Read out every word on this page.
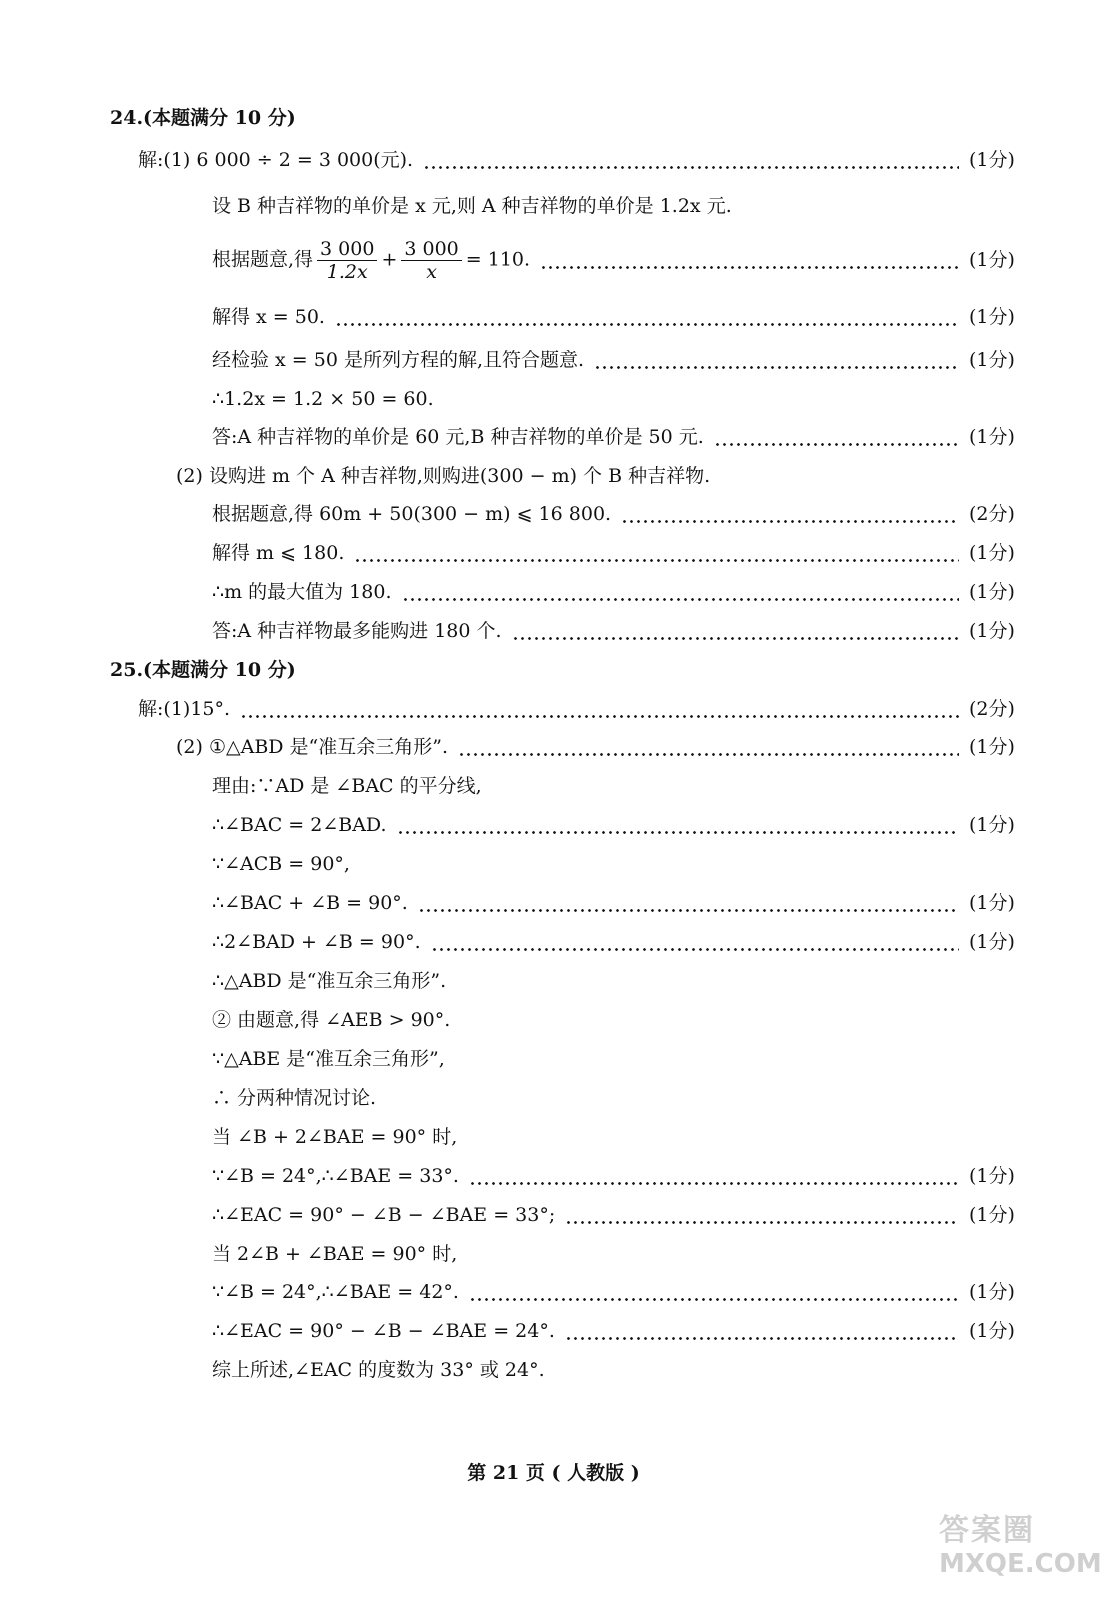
24.(本题满分 10 分)
解:(1) 6 000 ÷ 2 = 3 000(元).	(1分)
设 B 种吉祥物的单价是 x 元,则 A 种吉祥物的单价是 1.2x 元.
根据题意,得 $\frac{3 000}{1.2x} + \frac{3 000}{x} = 110$.	(1分)
解得 x = 50.	(1分)
经检验 x = 50 是所列方程的解,且符合题意.	(1分)
∴1.2x = 1.2 × 50 = 60.
答:A 种吉祥物的单价是 60 元,B 种吉祥物的单价是 50 元.	(1分)
(2) 设购进 m 个 A 种吉祥物,则购进(300 − m) 个 B 种吉祥物.
根据题意,得 60m + 50(300 − m) ⩽ 16 800.	(2分)
解得 m ⩽ 180.	(1分)
∴m 的最大值为 180.	(1分)
答:A 种吉祥物最多能购进 180 个.	(1分)
25.(本题满分 10 分)
解:(1)15°.	(2分)
(2) ①△ABD 是“准互余三角形”.	(1分)
理由:∵AD 是 ∠BAC 的平分线,
∴∠BAC = 2∠BAD.	(1分)
∵∠ACB = 90°,
∴∠BAC + ∠B = 90°.	(1分)
∴2∠BAD + ∠B = 90°.	(1分)
∴△ABD 是“准互余三角形”.
② 由题意,得 ∠AEB > 90°.
∵△ABE 是“准互余三角形”,
∴ 分两种情况讨论.
当 ∠B + 2∠BAE = 90° 时,
∵∠B = 24°,∴∠BAE = 33°.	(1分)
∴∠EAC = 90° − ∠B − ∠BAE = 33°;	(1分)
当 2∠B + ∠BAE = 90° 时,
∵∠B = 24°,∴∠BAE = 42°.	(1分)
∴∠EAC = 90° − ∠B − ∠BAE = 24°.	(1分)
综上所述,∠EAC 的度数为 33° 或 24°.
第 21 页 ( 人教版 )
答案圈
MXQE.COM
